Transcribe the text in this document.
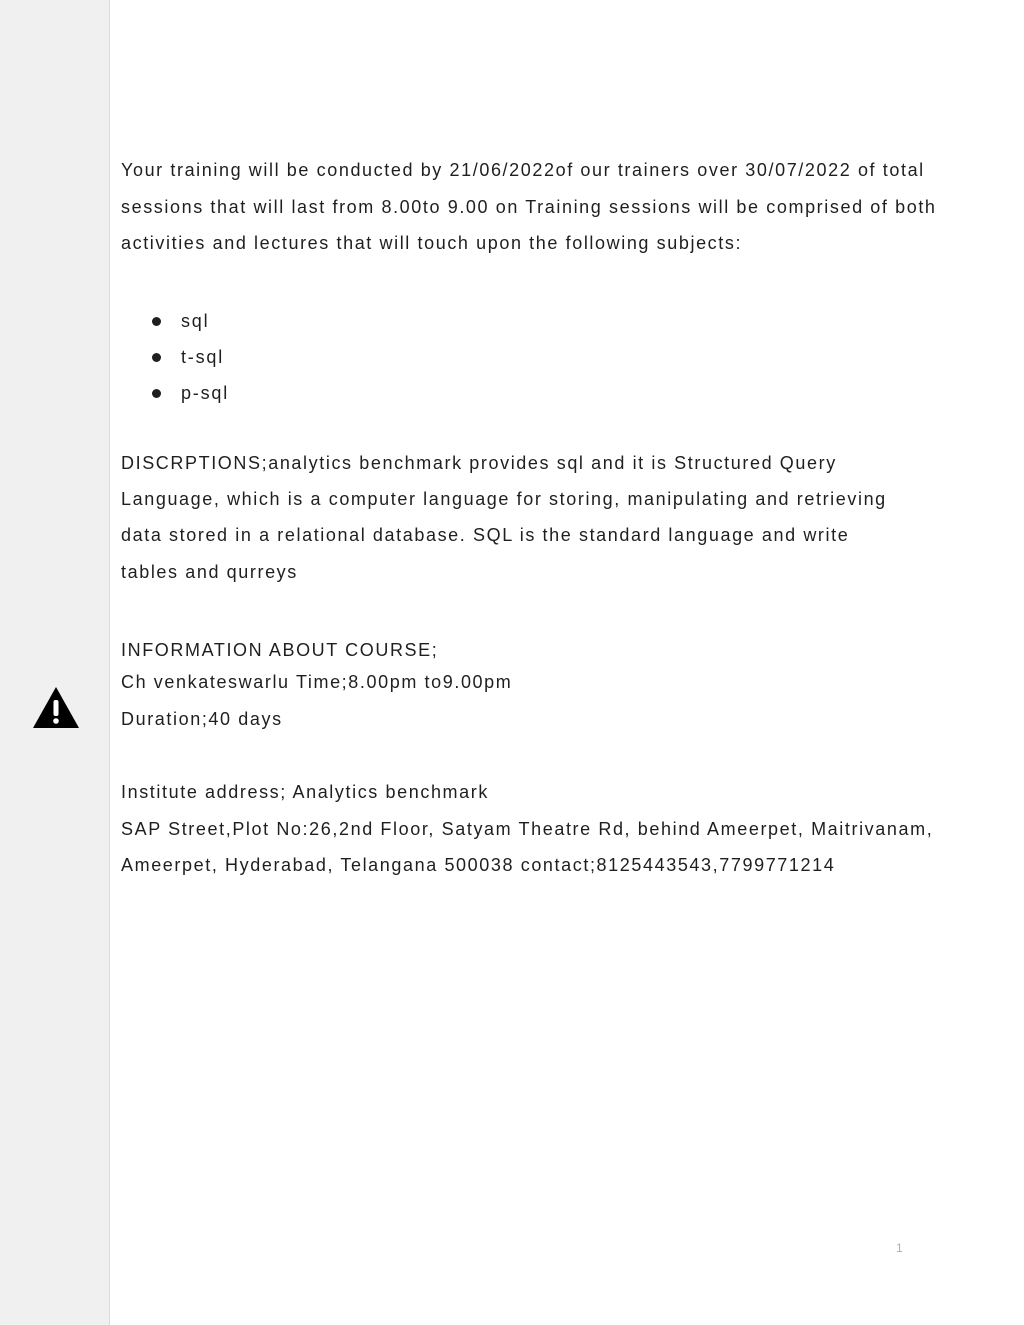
Your training will be conducted by 21/06/2022of our trainers over 30/07/2022 of total
sessions that will last from 8.00to 9.00 on Training sessions will be comprised of both
activities and lectures that will touch upon the following subjects:
sql
t-sql
p-sql
DISCRPTIONS;analytics benchmark provides sql and it is Structured Query
Language, which is a computer language for storing, manipulating and retrieving
data stored in a relational database. SQL is the standard language and write
tables and qurreys
INFORMATION ABOUT COURSE;
Ch venkateswarlu Time;8.00pm to9.00pm
Duration;40 days
Institute address; Analytics benchmark
SAP Street,Plot No:26,2nd Floor, Satyam Theatre Rd, behind Ameerpet, Maitrivanam,
Ameerpet, Hyderabad, Telangana 500038 contact;8125443543,7799771214
1
